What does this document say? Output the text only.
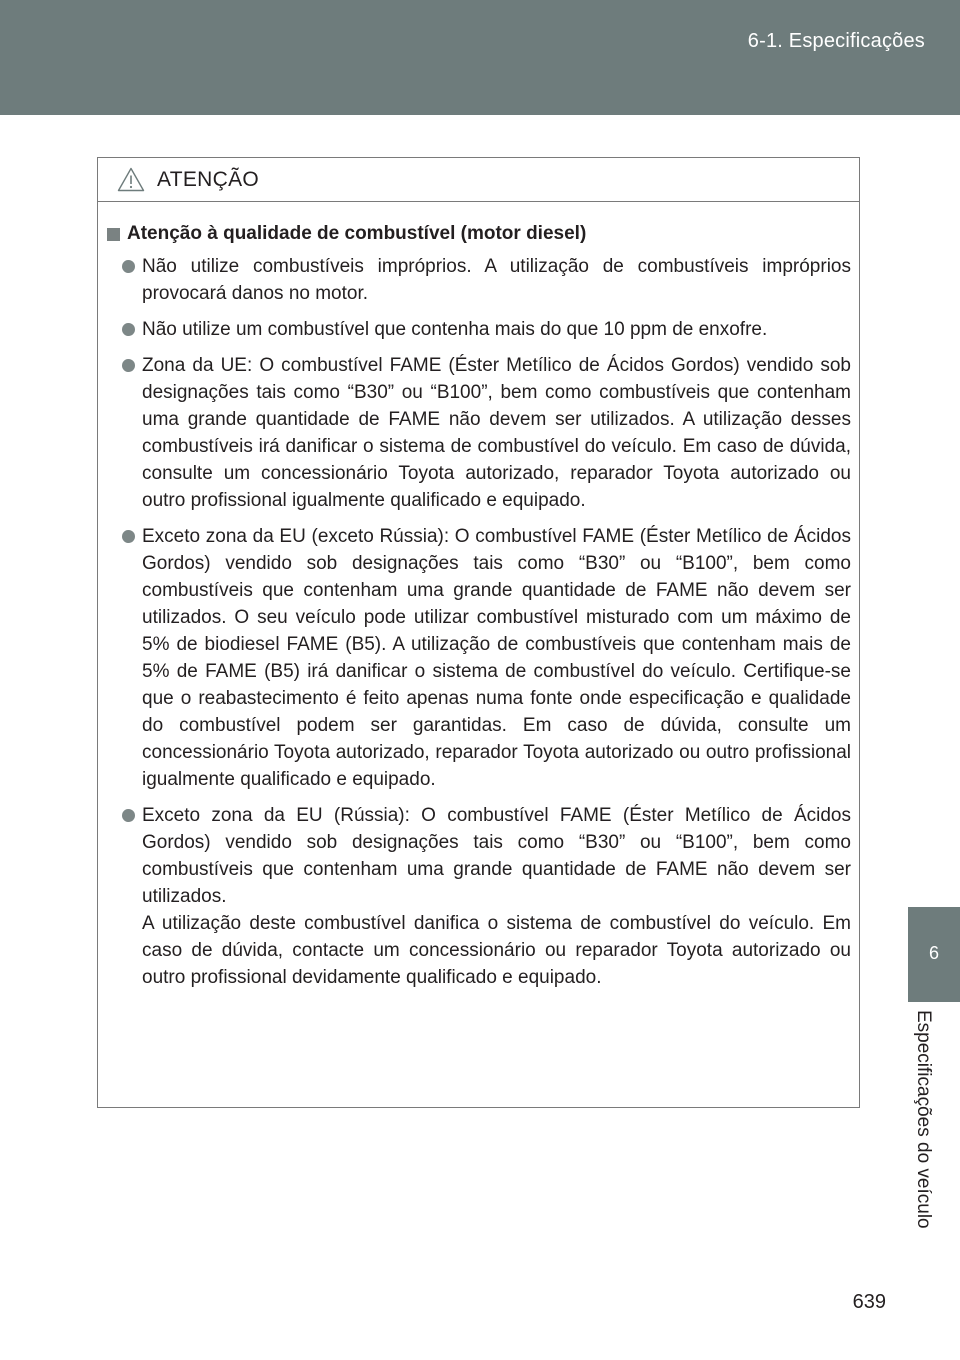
6-1. Especificações
ATENÇÃO
Atenção à qualidade de combustível (motor diesel)
Não utilize combustíveis impróprios. A utilização de combustíveis impróprios provocará danos no motor.
Não utilize um combustível que contenha mais do que 10 ppm de enxofre.
Zona da UE: O combustível FAME (Éster Metílico de Ácidos Gordos) vendido sob designações tais como “B30” ou “B100”, bem como combustíveis que contenham uma grande quantidade de FAME não devem ser utilizados. A utilização desses combustíveis irá danificar o sistema de combustível do veículo. Em caso de dúvida, consulte um concessionário Toyota autorizado, reparador Toyota autorizado ou outro profissional igualmente qualificado e equipado.
Exceto zona da EU (exceto Rússia): O combustível FAME (Éster Metílico de Ácidos Gordos) vendido sob designações tais como “B30” ou “B100”, bem como combustíveis que contenham uma grande quantidade de FAME não devem ser utilizados. O seu veículo pode utilizar combustível misturado com um máximo de 5% de biodiesel FAME (B5). A utilização de combustíveis que contenham mais de 5% de FAME (B5) irá danificar o sistema de combustível do veículo. Certifique-se que o reabastecimento é feito apenas numa fonte onde especificação e qualidade do combustível podem ser garantidas. Em caso de dúvida, consulte um concessionário Toyota autorizado, reparador Toyota autorizado ou outro profissional igualmente qualificado e equipado.
Exceto zona da EU (Rússia): O combustível FAME (Éster Metílico de Ácidos Gordos) vendido sob designações tais como “B30” ou “B100”, bem como combustíveis que contenham uma grande quantidade de FAME não devem ser utilizados.
A utilização deste combustível danifica o sistema de combustível do veículo. Em caso de dúvida, contacte um concessionário ou reparador Toyota autorizado ou outro profissional devidamente qualificado e equipado.
6
Especificações do veículo
639
